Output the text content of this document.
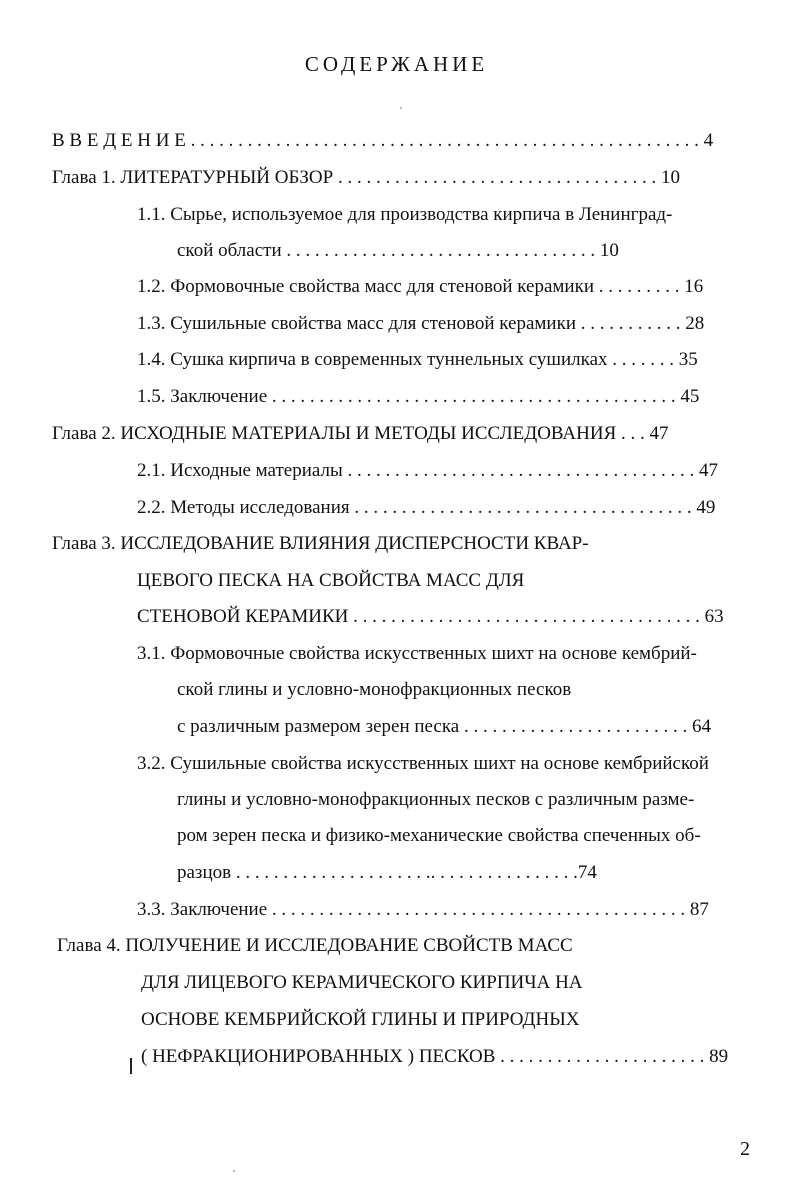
СОДЕРЖАНИЕ
В В Е Д Е Н И Е . . . . . . . . . . . . . . . . . . . . . . . . . . . . . . . . . . . . . . . . . . . . . . . . . . . . . . 4
Глава 1. ЛИТЕРАТУРНЫЙ ОБЗОР . . . . . . . . . . . . . . . . . . . . . . . . . . . . . . . . . . 10
1.1. Сырье, используемое для производства кирпича в Ленинград-
ской области . . . . . . . . . . . . . . . . . . . . . . . . . . . . . . . . . 10
1.2. Формовочные свойства масс для стеновой керамики . . . . . . . . . 16
1.3. Сушильные свойства масс для стеновой керамики . . . . . . . . . . . 28
1.4. Сушка кирпича в современных туннельных сушилках . . . . . . . 35
1.5. Заключение . . . . . . . . . . . . . . . . . . . . . . . . . . . . . . . . . . . . . . . . . . . 45
Глава 2. ИСХОДНЫЕ МАТЕРИАЛЫ И МЕТОДЫ ИССЛЕДОВАНИЯ . . . 47
2.1. Исходные материалы . . . . . . . . . . . . . . . . . . . . . . . . . . . . . . . . . . . . . 47
2.2. Методы исследования . . . . . . . . . . . . . . . . . . . . . . . . . . . . . . . . . . . . 49
Глава 3. ИССЛЕДОВАНИЕ ВЛИЯНИЯ ДИСПЕРСНОСТИ КВАР-
ЦЕВОГО ПЕСКА НА СВОЙСТВА МАСС ДЛЯ
СТЕНОВОЙ КЕРАМИКИ . . . . . . . . . . . . . . . . . . . . . . . . . . . . . . . . . . . . . 63
3.1. Формовочные свойства искусственных шихт на основе кембрий-
ской глины и условно-монофракционных песков
с различным размером зерен песка . . . . . . . . . . . . . . . . . . . . . . . . 64
3.2. Сушильные свойства искусственных шихт на основе кембрийской
глины и условно-монофракционных песков с различным разме-
ром зерен песка и физико-механические свойства спеченных об-
разцов . . . . . . . . . . . . . . . . . . . . .. . . . . . . . . . . . . . . .74
3.3. Заключение . . . . . . . . . . . . . . . . . . . . . . . . . . . . . . . . . . . . . . . . . . . . 87
Глава 4. ПОЛУЧЕНИЕ И ИССЛЕДОВАНИЕ СВОЙСТВ МАСС
ДЛЯ ЛИЦЕВОГО КЕРАМИЧЕСКОГО КИРПИЧА НА
ОСНОВЕ КЕМБРИЙСКОЙ ГЛИНЫ И ПРИРОДНЫХ
( НЕФРАКЦИОНИРОВАННЫХ ) ПЕСКОВ . . . . . . . . . . . . . . . . . . . . . . 89
2
